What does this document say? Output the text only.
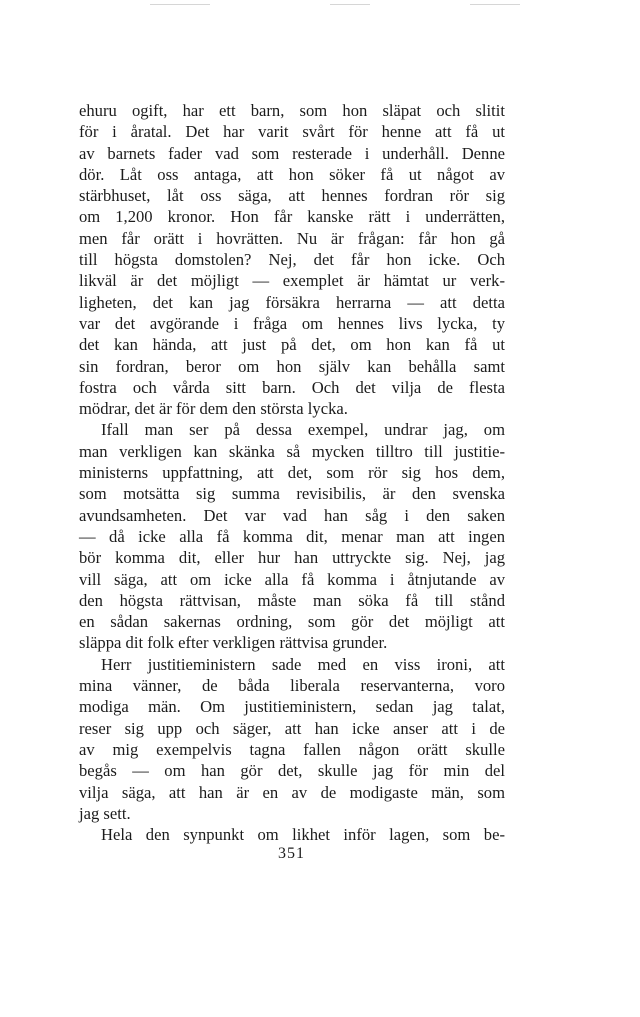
ehuru ogift, har ett barn, som hon släpat och slitit
för i åratal. Det har varit svårt för henne att få ut
av barnets fader vad som resterade i underhåll. Denne
dör. Låt oss antaga, att hon söker få ut något av
stärbhuset, låt oss säga, att hennes fordran rör sig
om 1,200 kronor. Hon får kanske rätt i underrätten,
men får orätt i hovrätten. Nu är frågan: får hon gå
till högsta domstolen? Nej, det får hon icke. Och
likväl är det möjligt — exemplet är hämtat ur verk-
ligheten, det kan jag försäkra herrarna — att detta
var det avgörande i fråga om hennes livs lycka, ty
det kan hända, att just på det, om hon kan få ut
sin fordran, beror om hon själv kan behålla samt
fostra och vårda sitt barn. Och det vilja de flesta
mödrar, det är för dem den största lycka.
Ifall man ser på dessa exempel, undrar jag, om
man verkligen kan skänka så mycken tilltro till justitie-
ministerns uppfattning, att det, som rör sig hos dem,
som motsätta sig summa revisibilis, är den svenska
avundsamheten. Det var vad han såg i den saken
— då icke alla få komma dit, menar man att ingen
bör komma dit, eller hur han uttryckte sig. Nej, jag
vill säga, att om icke alla få komma i åtnjutande av
den högsta rättvisan, måste man söka få till stånd
en sådan sakernas ordning, som gör det möjligt att
släppa dit folk efter verkligen rättvisa grunder.
Herr justitieministern sade med en viss ironi, att
mina vänner, de båda liberala reservanterna, voro
modiga män. Om justitieministern, sedan jag talat,
reser sig upp och säger, att han icke anser att i de
av mig exempelvis tagna fallen någon orätt skulle
begås — om han gör det, skulle jag för min del
vilja säga, att han är en av de modigaste män, som
jag sett.
Hela den synpunkt om likhet inför lagen, som be-
351
